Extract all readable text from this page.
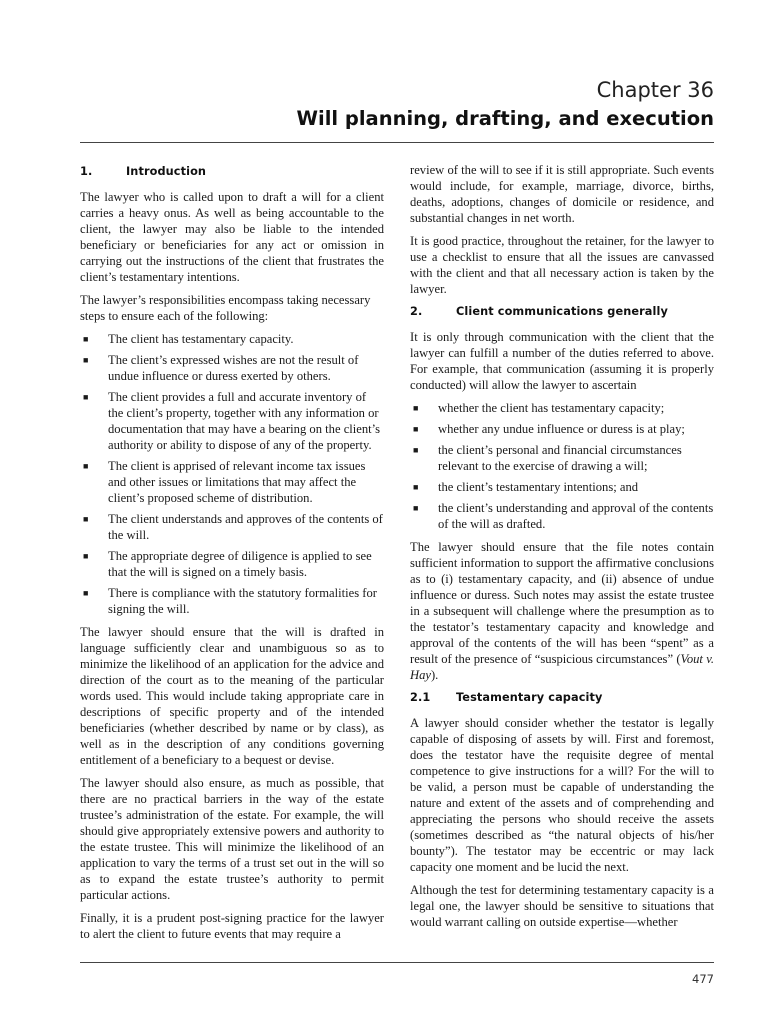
Chapter 36
Will planning, drafting, and execution
1.	Introduction

The lawyer who is called upon to draft a will for a client carries a heavy onus. As well as being accountable to the client, the lawyer may also be liable to the intended beneficiary or beneficiaries for any act or omission in carrying out the instructions of the client that frustrates the client’s testamentary intentions.

The lawyer’s responsibilities encompass taking necessary steps to ensure each of the following:

■ The client has testamentary capacity.
■ The client’s expressed wishes are not the result of undue influence or duress exerted by others.
■ The client provides a full and accurate inventory of the client’s property, together with any information or documentation that may have a bearing on the client’s authority or ability to dispose of any of the property.
■ The client is apprised of relevant income tax issues and other issues or limitations that may affect the client’s proposed scheme of distribution.
■ The client understands and approves of the contents of the will.
■ The appropriate degree of diligence is applied to see that the will is signed on a timely basis.
■ There is compliance with the statutory formalities for signing the will.

The lawyer should ensure that the will is drafted in language sufficiently clear and unambiguous so as to minimize the likelihood of an application for the advice and direction of the court as to the meaning of the particular words used. This would include taking appropriate care in descriptions of specific property and of the intended beneficiaries (whether described by name or by class), as well as in the description of any conditions governing entitlement of a beneficiary to a bequest or devise.

The lawyer should also ensure, as much as possible, that there are no practical barriers in the way of the estate trustee’s administration of the estate. For example, the will should give appropriately extensive powers and authority to the estate trustee. This will minimize the likelihood of an application to vary the terms of a trust set out in the will so as to expand the estate trustee’s authority to permit particular actions.

Finally, it is a prudent post-signing practice for the lawyer to alert the client to future events that may require a

review of the will to see if it is still appropriate. Such events would include, for example, marriage, divorce, births, deaths, adoptions, changes of domicile or residence, and substantial changes in net worth.

It is good practice, throughout the retainer, for the lawyer to use a checklist to ensure that all the issues are canvassed with the client and that all necessary action is taken by the lawyer.

2.	Client communications generally

It is only through communication with the client that the lawyer can fulfill a number of the duties referred to above. For example, that communication (assuming it is properly conducted) will allow the lawyer to ascertain

■ whether the client has testamentary capacity;
■ whether any undue influence or duress is at play;
■ the client’s personal and financial circumstances relevant to the exercise of drawing a will;
■ the client’s testamentary intentions; and
■ the client’s understanding and approval of the contents of the will as drafted.

The lawyer should ensure that the file notes contain sufficient information to support the affirmative conclusions as to (i) testamentary capacity, and (ii) absence of undue influence or duress. Such notes may assist the estate trustee in a subsequent will challenge where the presumption as to the testator’s testamentary capacity and knowledge and approval of the contents of the will has been “spent” as a result of the presence of “suspicious circumstances” (Vout v. Hay).

2.1 Testamentary capacity

A lawyer should consider whether the testator is legally capable of disposing of assets by will. First and foremost, does the testator have the requisite degree of mental competence to give instructions for a will? For the will to be valid, a person must be capable of understanding the nature and extent of the assets and of comprehending and appreciating the persons who should receive the assets (sometimes described as “the natural objects of his/her bounty”). The testator may be eccentric or may lack capacity one moment and be lucid the next.

Although the test for determining testamentary capacity is a legal one, the lawyer should be sensitive to situations that would warrant calling on outside expertise—whether

477
